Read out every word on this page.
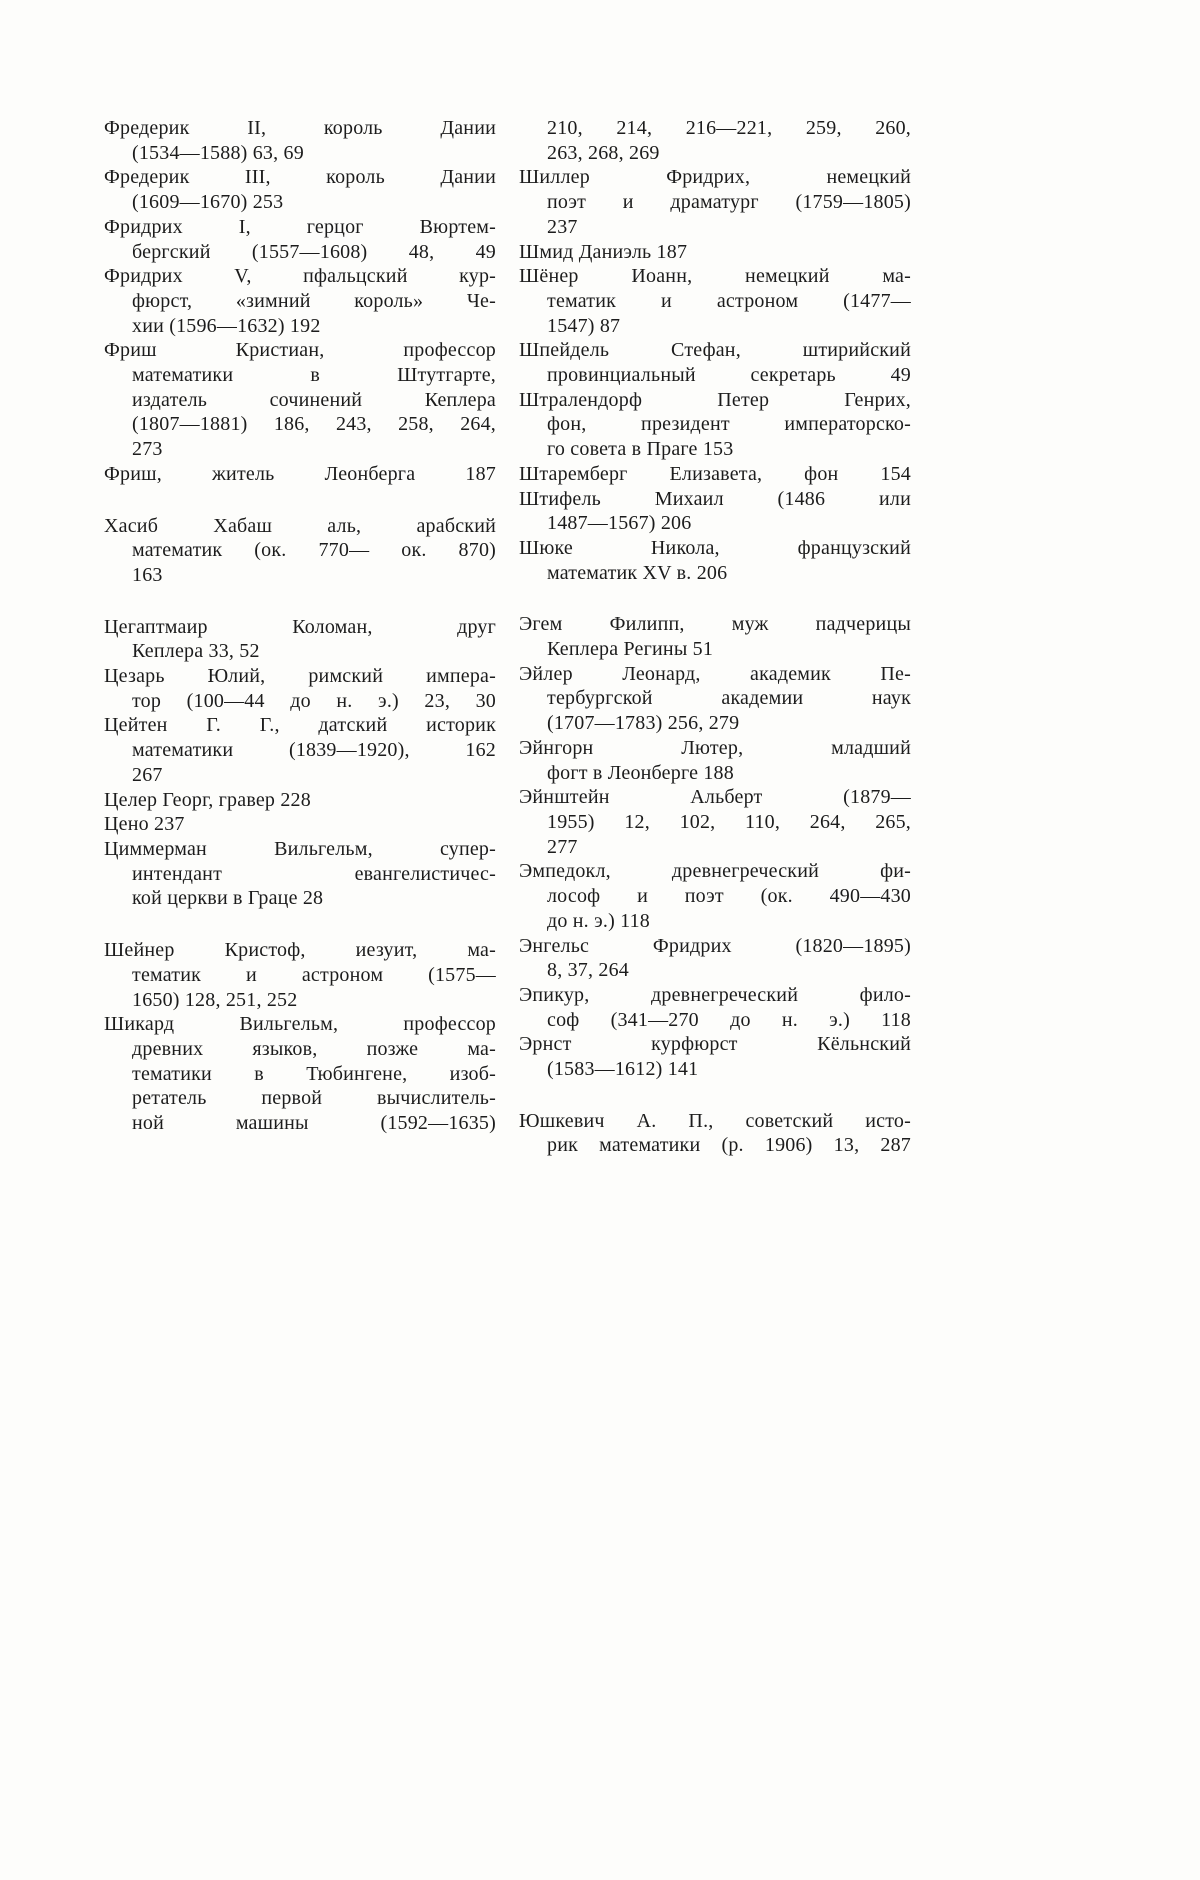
Фредерик II, король Дании
(1534—1588) 63, 69
Фредерик III, король Дании
(1609—1670) 253
Фридрих I, герцог Вюртем-
бергский (1557—1608) 48, 49
Фридрих V, пфальцский кур-
фюрст, «зимний король» Че-
хии (1596—1632) 192
Фриш Кристиан, профессор
математики в Штутгарте,
издатель сочинений Кеплера
(1807—1881) 186, 243, 258, 264,
273
Фриш, житель Леонберга 187
Хасиб Хабаш аль, арабский
математик (ок. 770— ок. 870)
163
Цегаптмаир Коломан, друг
Кеплера 33, 52
Цезарь Юлий, римский импера-
тор (100—44 до н. э.) 23, 30
Цейтен Г. Г., датский историк
математики (1839—1920), 162
267
Целер Георг, гравер 228
Цено 237
Циммерман Вильгельм, супер-
интендант евангелистичес-
кой церкви в Граце 28
Шейнер Кристоф, иезуит, ма-
тематик и астроном (1575—
1650) 128, 251, 252
Шикард Вильгельм, профессор
древних языков, позже ма-
тематики в Тюбингене, изоб-
ретатель первой вычислитель-
ной машины (1592—1635)
210, 214, 216—221, 259, 260,
263, 268, 269
Шиллер Фридрих, немецкий
поэт и драматург (1759—1805)
237
Шмид Даниэль 187
Шёнер Иоанн, немецкий ма-
тематик и астроном (1477—
1547) 87
Шпейдель Стефан, штирийский
провинциальный секретарь 49
Штралендорф Петер Генрих,
фон, президент императорско-
го совета в Праге 153
Штаремберг Елизавета, фон 154
Штифель Михаил (1486 или
1487—1567) 206
Шюке Никола, французский
математик XV в. 206
Эгем Филипп, муж падчерицы
Кеплера Регины 51
Эйлер Леонард, академик Пе-
тербургской академии наук
(1707—1783) 256, 279
Эйнгорн Лютер, младший
фогт в Леонберге 188
Эйнштейн Альберт (1879—
1955) 12, 102, 110, 264, 265,
277
Эмпедокл, древнегреческий фи-
лософ и поэт (ок. 490—430
до н. э.) 118
Энгельс Фридрих (1820—1895)
8, 37, 264
Эпикур, древнегреческий фило-
соф (341—270 до н. э.) 118
Эрнст курфюрст Кёльнский
(1583—1612) 141
Юшкевич А. П., советский исто-
рик математики (р. 1906) 13, 287
